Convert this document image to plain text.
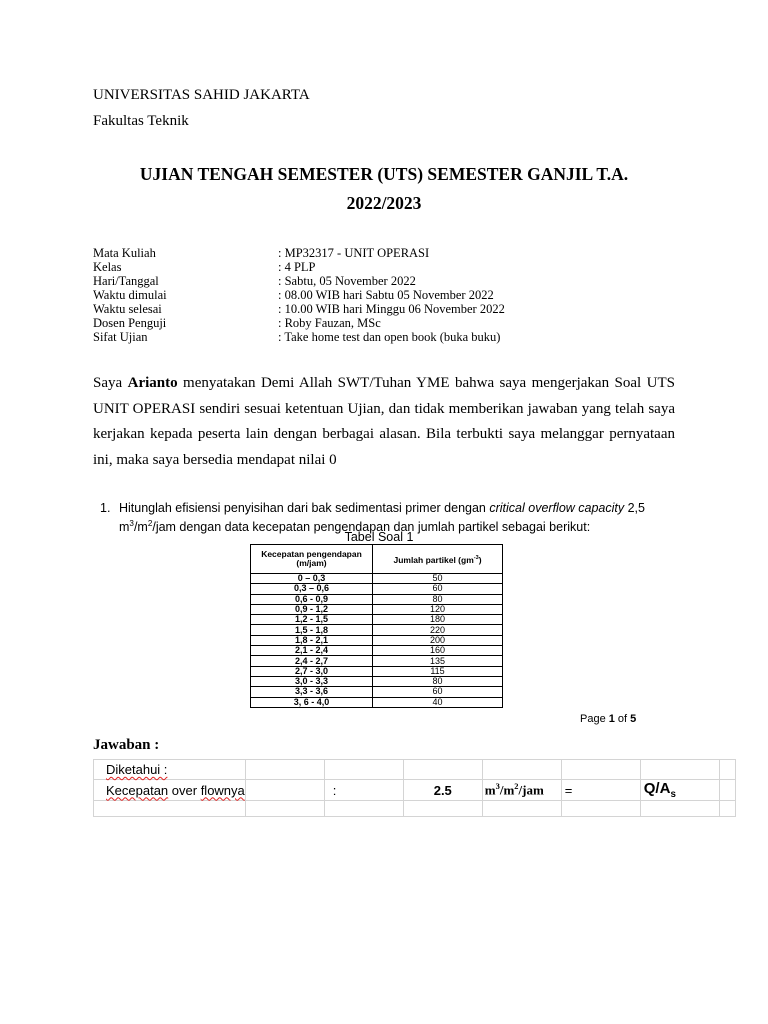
UNIVERSITAS SAHID JAKARTA
Fakultas Teknik
UJIAN TENGAH SEMESTER (UTS) SEMESTER GANJIL T.A.
2022/2023
Mata Kuliah	: MP32317 - UNIT OPERASI
Kelas	: 4 PLP
Hari/Tanggal	: Sabtu, 05 November 2022
Waktu dimulai	: 08.00 WIB hari Sabtu 05 November 2022
Waktu selesai	: 10.00 WIB hari Minggu 06 November 2022
Dosen Penguji	: Roby Fauzan, MSc
Sifat Ujian	: Take home test dan open book (buka buku)

Saya Arianto menyatakan Demi Allah SWT/Tuhan YME bahwa saya mengerjakan Soal UTS UNIT OPERASI sendiri sesuai ketentuan Ujian, dan tidak memberikan jawaban yang telah saya kerjakan kepada peserta lain dengan berbagai alasan. Bila terbukti saya melanggar pernyataan ini, maka saya bersedia mendapat nilai 0

1. Hitunglah efisiensi penyisihan dari bak sedimentasi primer dengan critical overflow capacity 2,5
$m^3/m^2$/jam dengan data kecepatan pengendapan dan jumlah partikel sebagai berikut:
Tabel Soal 1
Kecepatan pengendapan (m/jam)	Jumlah partikel $(gm^{-3})$
0 – 0,3	50
0,3 – 0,6	60
0,6 - 0,9	80
0,9 - 1,2	120
1,2 - 1,5	180
1,5 - 1,8	220
1,8 - 2,1	200
2,1 - 2,4	160
2,4 - 2,7	135
2,7 - 3,0	115
3,0 - 3,3	80
3,3 - 3,6	60
3, 6 - 4,0	40
Page 1 of 5
Jawaban :
Diketahui :							
Kecepatan over flownya		:	2.5	$m^3/m^2$/jam	=	$Q/A_s$	
